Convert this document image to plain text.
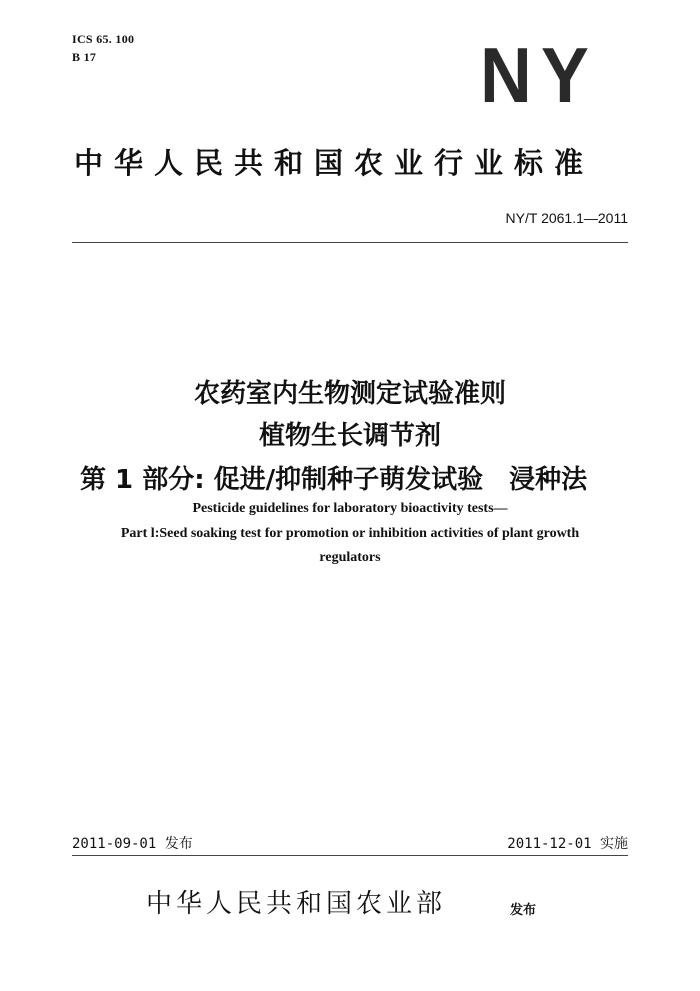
ICS 65. 100
B 17	NY
中华人民共和国农业行业标准
NY/T 2061.1—2011
农药室内生物测定试验准则
植物生长调节剂
第 1 部分: 促进/抑制种子萌发试验　浸种法
Pesticide guidelines for laboratory bioactivity tests—
Part l:Seed soaking test for promotion or inhibition activities of plant growth
regulators
2011-09-01 发布	2011-12-01 实施
中华人民共和国农业部	发布
